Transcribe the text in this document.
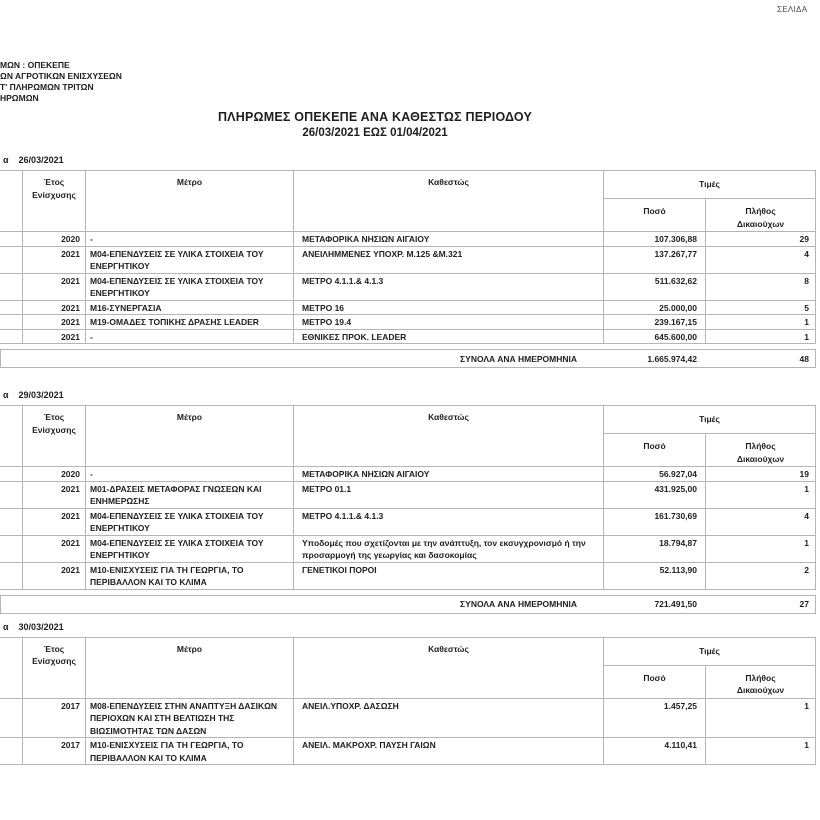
ΣΕΛΙΔΑ
ΜΩΝ : ΟΠΕΚΕΠΕ
ΩΝ ΑΓΡΟΤΙΚΩΝ ΕΝΙΣΧΥΣΕΩΝ
Τ' ΠΛΗΡΩΜΩΝ ΤΡΙΤΩΝ
ΗΡΩΜΩΝ
ΠΛΗΡΩΜΕΣ ΟΠΕΚΕΠΕ ΑΝΑ ΚΑΘΕΣΤΩΣ ΠΕΡΙΟΔΟΥ
26/03/2021 ΕΩΣ 01/04/2021
α 26/03/2021
	Έτος
Ενίσχυσης	Μέτρο	Καθεστώς	Τιμές	
				Ποσό	Πλήθος
Δικαιούχων
	2020	-	ΜΕΤΑΦΟΡΙΚΑ ΝΗΣΙΩΝ ΑΙΓΑΙΟΥ	107.306,88	29
	2021	M04-ΕΠΕΝΔΥΣΕΙΣ ΣΕ ΥΛΙΚΑ ΣΤΟΙΧΕΙΑ ΤΟΥ ΕΝΕΡΓΗΤΙΚΟΥ	ΑΝΕΙΛΗΜΜΕΝΕΣ ΥΠΟΧΡ. Μ.125 &Μ.321	137.267,77	4
	2021	M04-ΕΠΕΝΔΥΣΕΙΣ ΣΕ ΥΛΙΚΑ ΣΤΟΙΧΕΙΑ ΤΟΥ ΕΝΕΡΓΗΤΙΚΟΥ	ΜΕΤΡΟ 4.1.1.& 4.1.3	511.632,62	8
	2021	M16-ΣΥΝΕΡΓΑΣΙΑ	ΜΕΤΡΟ 16	25.000,00	5
	2021	M19-ΟΜΑΔΕΣ ΤΟΠΙΚΗΣ ΔΡΑΣΗΣ LEADER	ΜΕΤΡΟ 19.4	239.167,15	1
	2021	-	ΕΘΝΙΚΕΣ ΠΡΟΚ. LEADER	645.600,00	1
ΣΥΝΟΛΑ ΑΝΑ ΗΜΕΡΟΜΗΝΙΑ	1.665.974,42	48
α 29/03/2021
	Έτος
Ενίσχυσης	Μέτρο	Καθεστώς	Τιμές	
				Ποσό	Πλήθος
Δικαιούχων
	2020	-	ΜΕΤΑΦΟΡΙΚΑ ΝΗΣΙΩΝ ΑΙΓΑΙΟΥ	56.927,04	19
	2021	M01-ΔΡΑΣΕΙΣ ΜΕΤΑΦΟΡΑΣ ΓΝΩΣΕΩΝ ΚΑΙ ΕΝΗΜΕΡΩΣΗΣ	ΜΕΤΡΟ 01.1	431.925,00	1
	2021	M04-ΕΠΕΝΔΥΣΕΙΣ ΣΕ ΥΛΙΚΑ ΣΤΟΙΧΕΙΑ ΤΟΥ ΕΝΕΡΓΗΤΙΚΟΥ	ΜΕΤΡΟ 4.1.1.& 4.1.3	161.730,69	4
	2021	M04-ΕΠΕΝΔΥΣΕΙΣ ΣΕ ΥΛΙΚΑ ΣΤΟΙΧΕΙΑ ΤΟΥ ΕΝΕΡΓΗΤΙΚΟΥ	Υποδομές που σχετίζονται με την ανάπτυξη, τον εκσυγχρονισμό ή την προσαρμογή της γεωργίας και δασοκομίας	18.794,87	1
	2021	M10-ΕΝΙΣΧΥΣΕΙΣ ΓΙΑ ΤΗ ΓΕΩΡΓΙΑ, ΤΟ ΠΕΡΙΒΑΛΛΟΝ ΚΑΙ ΤΟ ΚΛΙΜΑ	ΓΕΝΕΤΙΚΟΙ ΠΟΡΟΙ	52.113,90	2
ΣΥΝΟΛΑ ΑΝΑ ΗΜΕΡΟΜΗΝΙΑ	721.491,50	27
α 30/03/2021
	Έτος
Ενίσχυσης	Μέτρο	Καθεστώς	Τιμές	
				Ποσό	Πλήθος
Δικαιούχων
	2017	M08-ΕΠΕΝΔΥΣΕΙΣ ΣΤΗΝ ΑΝΑΠΤΥΞΗ ΔΑΣΙΚΩΝ ΠΕΡΙΟΧΩΝ ΚΑΙ ΣΤΗ ΒΕΛΤΙΩΣΗ ΤΗΣ ΒΙΩΣΙΜΟΤΗΤΑΣ ΤΩΝ ΔΑΣΩΝ	ΑΝΕΙΛ.ΥΠΟΧΡ. ΔΑΣΩΣΗ	1.457,25	1
	2017	M10-ΕΝΙΣΧΥΣΕΙΣ ΓΙΑ ΤΗ ΓΕΩΡΓΙΑ, ΤΟ ΠΕΡΙΒΑΛΛΟΝ ΚΑΙ ΤΟ ΚΛΙΜΑ	ΑΝΕΙΛ. ΜΑΚΡΟΧΡ. ΠΑΥΣΗ ΓΑΙΩΝ	4.110,41	1
